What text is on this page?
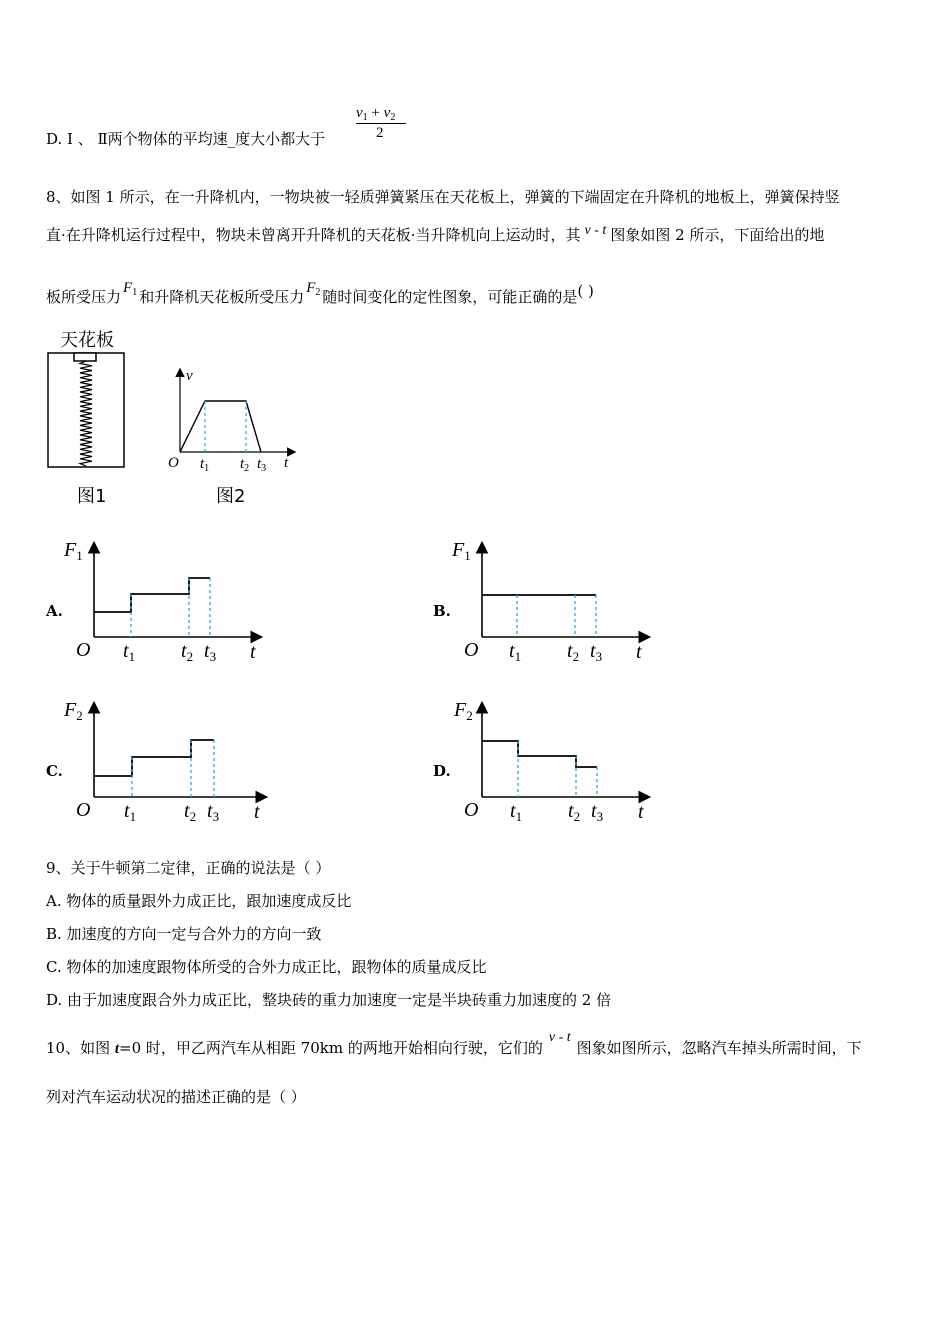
D. Ⅰ 、 Ⅱ两个物体的平均速_度大小都大于
$v_1 + v_2$
2
8、如图 1 所示，在一升降机内，一物块被一轻质弹簧紧压在天花板上，弹簧的下端固定在升降机的地板上，弹簧保持竖
直·在升降机运行过程中，物块未曾离开升降机的天花板·当升降机向上运动时，其 v - t 图象如图 2 所示，下面给出的地
板所受压力 $F_1$ 和升降机天花板所受压力 $F_2$ 随时间变化的定性图象，可能正确的是( )
天花板
图1
v
O $t_1$ $t_2$ $t_3$ t
图2
A.
$F_1$
O $t_1$ $t_2$ $t_3$ t
B.
$F_1$
O $t_1$ $t_2$ $t_3$ t
C.
$F_2$
O $t_1$ $t_2$ $t_3$ t
D.
$F_2$
O $t_1$ $t_2$ $t_3$ t
9、关于牛顿第二定律，正确的说法是（ ）
A. 物体的质量跟外力成正比，跟加速度成反比
B. 加速度的方向一定与合外力的方向一致
C. 物体的加速度跟物体所受的合外力成正比，跟物体的质量成反比
D. 由于加速度跟合外力成正比，整块砖的重力加速度一定是半块砖重力加速度的 2 倍
10、如图 t=0 时，甲乙两汽车从相距 70km 的两地开始相向行驶，它们的v - t图象如图所示，忽略汽车掉头所需时间，下
列对汽车运动状况的描述正确的是（ ）
